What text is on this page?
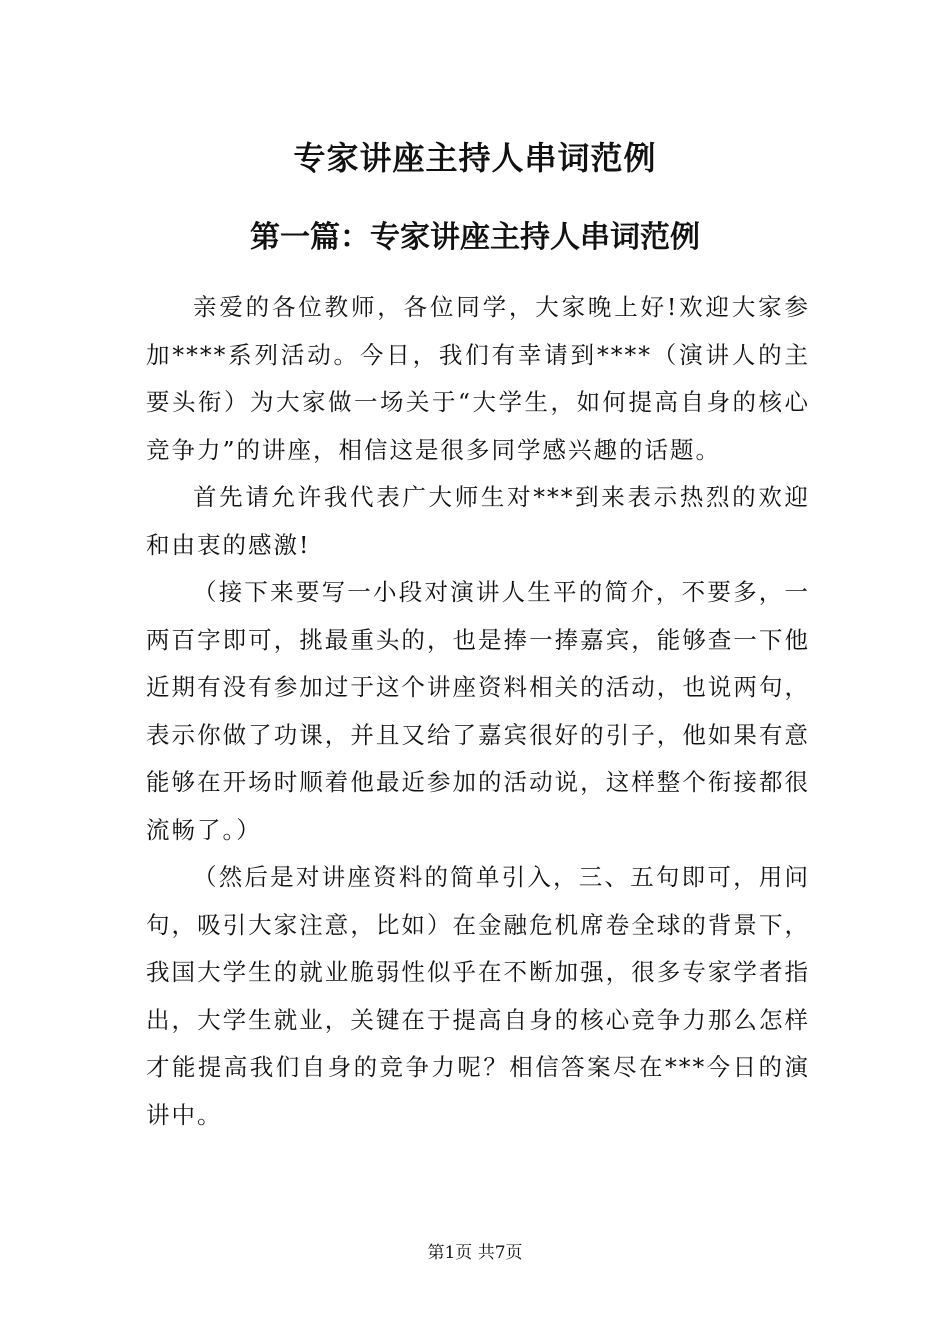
专家讲座主持人串词范例
第一篇：专家讲座主持人串词范例

亲爱的各位教师，各位同学，大家晚上好!欢迎大家参加****系列活动。今日，我们有幸请到****（演讲人的主要头衔）为大家做一场关于“大学生，如何提高自身的核心竞争力”的讲座，相信这是很多同学感兴趣的话题。

首先请允许我代表广大师生对***到来表示热烈的欢迎和由衷的感激!

（接下来要写一小段对演讲人生平的简介，不要多，一两百字即可，挑最重头的，也是捧一捧嘉宾，能够查一下他近期有没有参加过于这个讲座资料相关的活动，也说两句，表示你做了功课，并且又给了嘉宾很好的引子，他如果有意能够在开场时顺着他最近参加的活动说，这样整个衔接都很流畅了。）

（然后是对讲座资料的简单引入，三、五句即可，用问句，吸引大家注意，比如）在金融危机席卷全球的背景下，我国大学生的就业脆弱性似乎在不断加强，很多专家学者指出，大学生就业，关键在于提高自身的核心竞争力那么怎样才能提高我们自身的竞争力呢？相信答案尽在***今日的演讲中。

第1页 共7页
